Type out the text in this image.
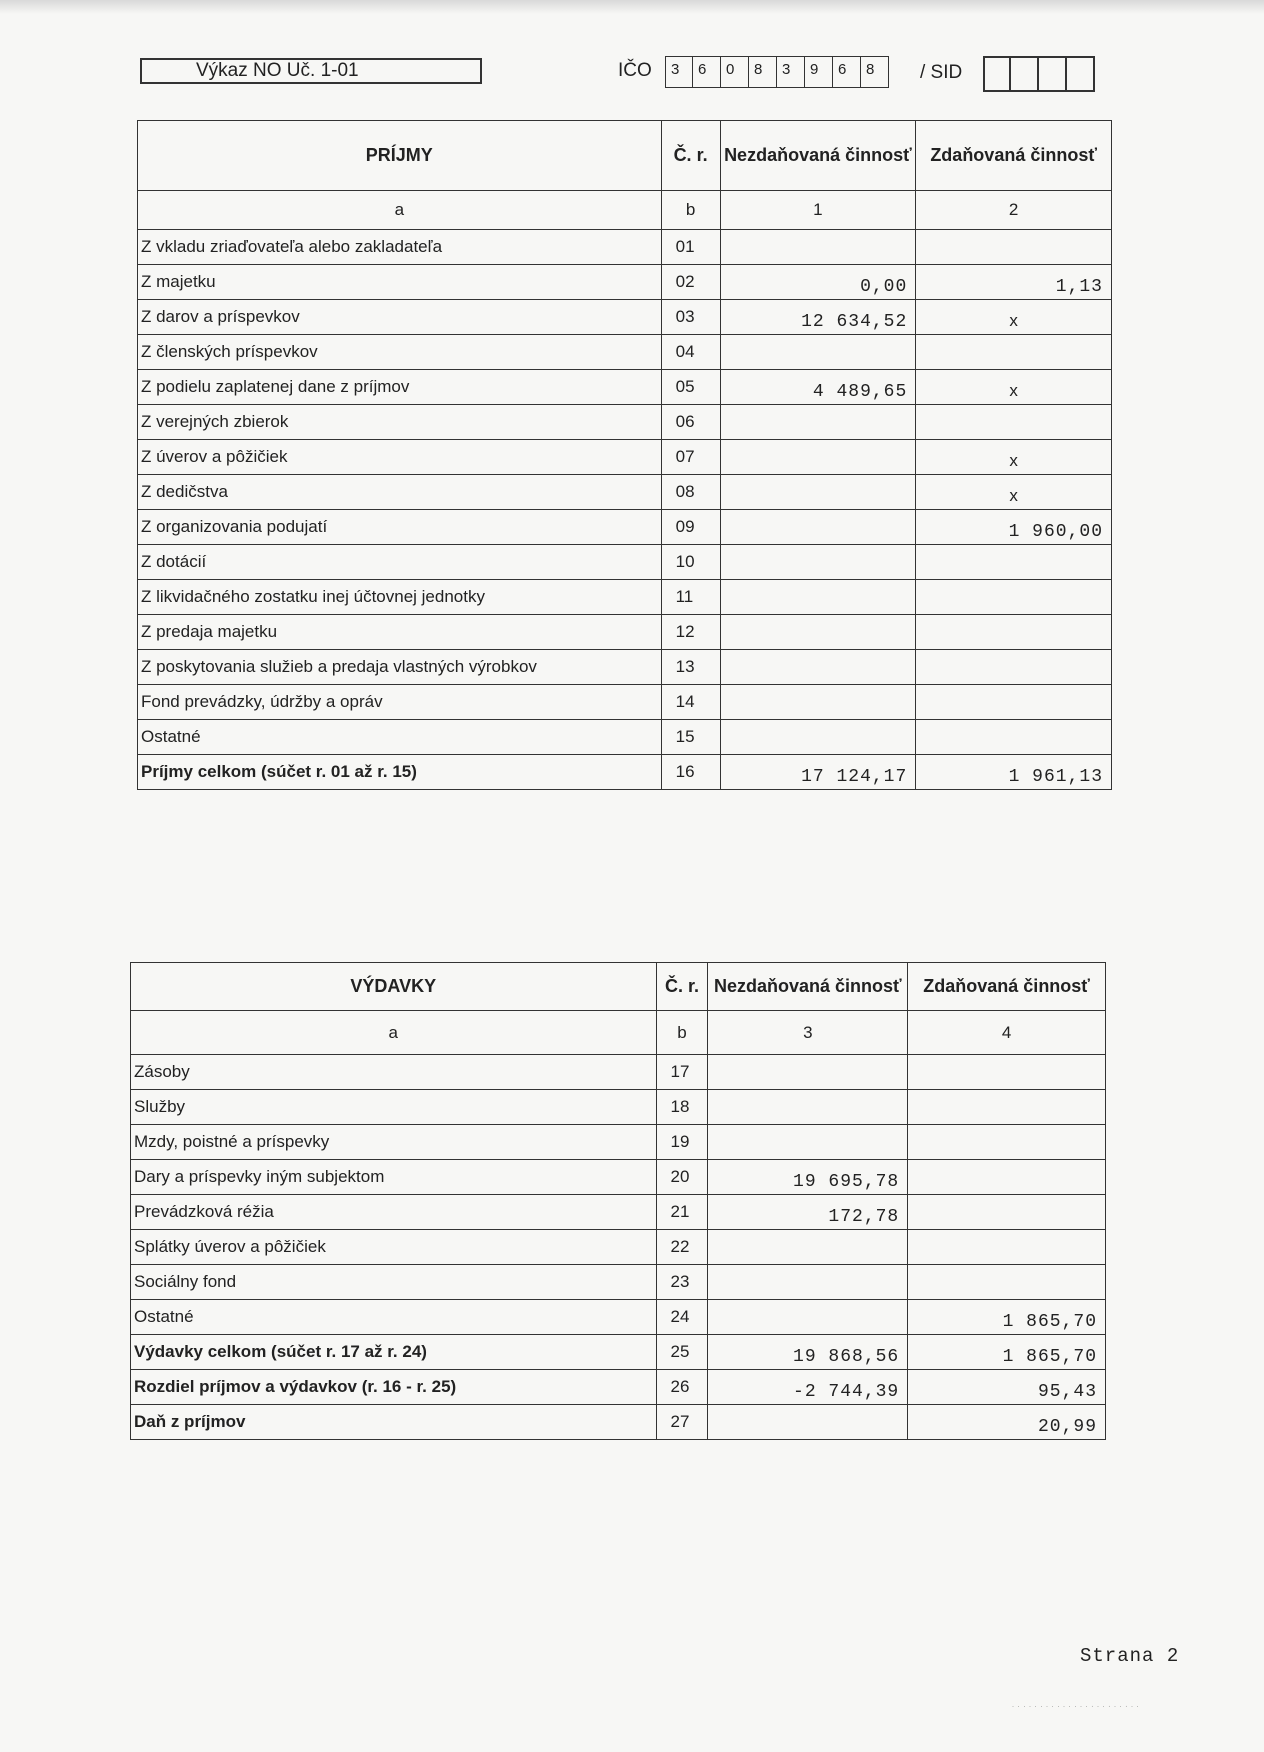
Výkaz NO Uč. 1-01	IČO	3	6	0	8	3	9	6	8	/ SID
PRÍJMY	Č. r.	Nezdaňovaná činnosť	Zdaňovaná činnosť
a	b	1	2
Z vkladu zriaďovateľa alebo zakladateľa	01		
Z majetku	02	0,00	1,13
Z darov a príspevkov	03	12 634,52	x
Z členských príspevkov	04		
Z podielu zaplatenej dane z príjmov	05	4 489,65	x
Z verejných zbierok	06		
Z úverov a pôžičiek	07		x
Z dedičstva	08		x
Z organizovania podujatí	09		1 960,00
Z dotácií	10		
Z likvidačného zostatku inej účtovnej jednotky	11		
Z predaja majetku	12		
Z poskytovania služieb a predaja vlastných výrobkov	13		
Fond prevádzky, údržby a opráv	14		
Ostatné	15		
Príjmy celkom (súčet r. 01 až r. 15)	16	17 124,17	1 961,13
VÝDAVKY	Č. r.	Nezdaňovaná činnosť	Zdaňovaná činnosť
a	b	3	4
Zásoby	17		
Služby	18		
Mzdy, poistné a príspevky	19		
Dary a príspevky iným subjektom	20	19 695,78	
Prevádzková réžia	21	172,78	
Splátky úverov a pôžičiek	22		
Sociálny fond	23		
Ostatné	24		1 865,70
Výdavky celkom (súčet r. 17 až r. 24)	25	19 868,56	1 865,70
Rozdiel príjmov a výdavkov (r. 16 - r. 25)	26	-2 744,39	95,43
Daň z príjmov	27		20,99
Strana 2
· · · · · · · · · · · · · · · · · · · · · · ·
